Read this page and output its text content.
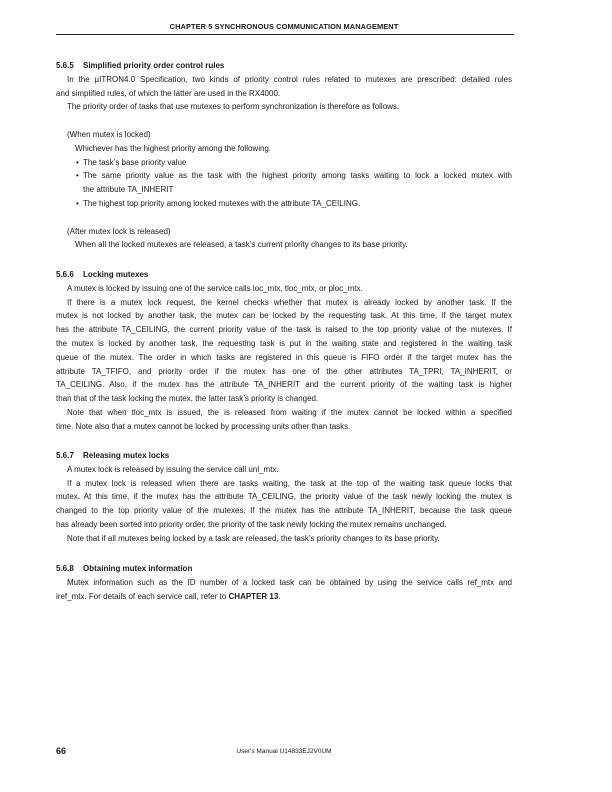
CHAPTER 5 SYNCHRONOUS COMMUNICATION MANAGEMENT
5.6.5 Simplified priority order control rules
In the µITRON4.0 Specification, two kinds of priority control rules related to mutexes are prescribed: detailed rules
and simplified rules, of which the latter are used in the RX4000.
The priority order of tasks that use mutexes to perform synchronization is therefore as follows.
(When mutex is locked)
Whichever has the highest priority among the following.
• The task’s base priority value
• The same priority value as the task with the highest priority among tasks waiting to lock a locked mutex with
the attribute TA_INHERIT
• The highest top priority among locked mutexes with the attribute TA_CEILING.
(After mutex lock is released)
When all the locked mutexes are released, a task’s current priority changes to its base priority.
5.6.6 Locking mutexes
A mutex is locked by issuing one of the service calls loc_mtx, tloc_mtx, or ploc_mtx.
If there is a mutex lock request, the kernel checks whether that mutex is already locked by another task. If the
mutex is not locked by another task, the mutex can be locked by the requesting task. At this time, if the target mutex
has the attribute TA_CEILING, the current priority value of the task is raised to the top priority value of the mutexes. If
the mutex is locked by another task, the requesting task is put in the waiting state and registered in the waiting task
queue of the mutex. The order in which tasks are registered in this queue is FIFO order if the target mutex has the
attribute TA_TFIFO, and priority order if the mutex has one of the other attributes TA_TPRI, TA_INHERIT, or
TA_CEILING. Also, if the mutex has the attribute TA_INHERIT and the current priority of the waiting task is higher
than that of the task locking the mutex, the latter task’s priority is changed.
Note that when tloc_mtx is issued, the is released from waiting if the mutex cannot be locked within a specified
time. Note also that a mutex cannot be locked by processing units other than tasks.
5.6.7 Releasing mutex locks
A mutex lock is released by issuing the service call unl_mtx.
If a mutex lock is released when there are tasks waiting, the task at the top of the waiting task queue locks that
mutex. At this time, if the mutex has the attribute TA_CEILING, the priority value of the task newly locking the mutex is
changed to the top priority value of the mutexes. If the mutex has the attribute TA_INHERIT, because the task queue
has already been sorted into priority order, the priority of the task newly locking the mutex remains unchanged.
Note that if all mutexes being locked by a task are released, the task’s priority changes to its base priority.
5.6.8 Obtaining mutex information
Mutex information such as the ID number of a locked task can be obtained by using the service calls ref_mtx and
iref_mtx. For details of each service call, refer to CHAPTER 13.
66	User's Manual U14833EJ2V0UM
